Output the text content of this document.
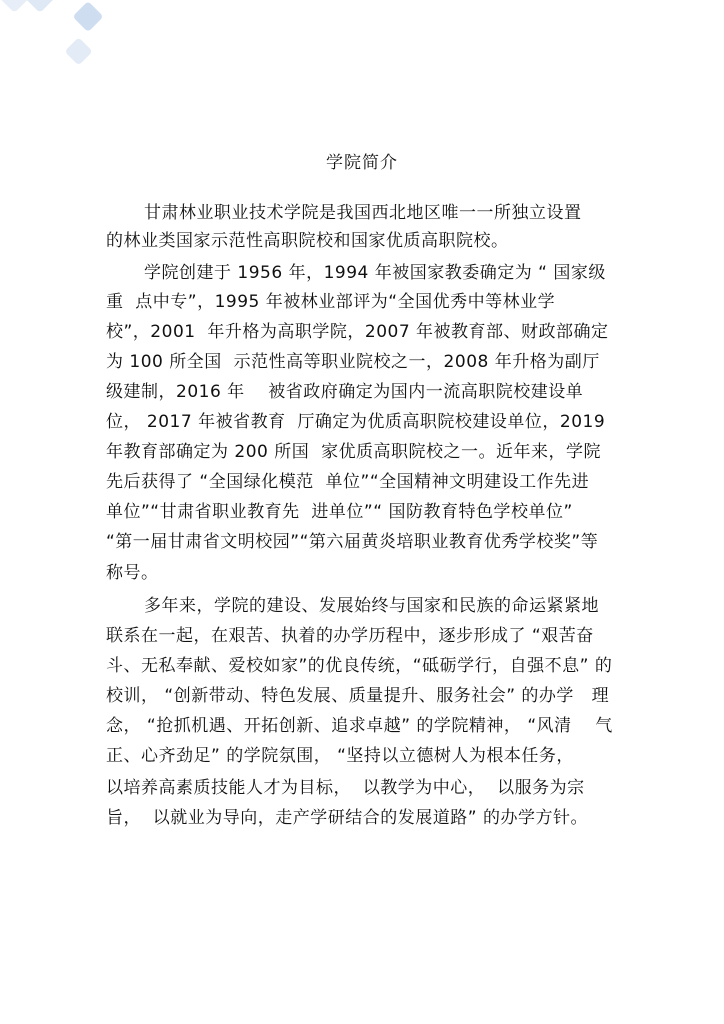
学院简介
甘肃林业职业技术学院是我国西北地区唯一一所独立设置
的林业类国家示范性高职院校和国家优质高职院校。
学院创建于 1956 年，1994 年被国家教委确定为 “ 国家级
重  点中专”，1995 年被林业部评为“全国优秀中等林业学
校”，2001  年升格为高职学院，2007 年被教育部、财政部确定
为 100 所全国  示范性高等职业院校之一，2008 年升格为副厅
级建制，2016 年    被省政府确定为国内一流高职院校建设单
位， 2017 年被省教育  厅确定为优质高职院校建设单位，2019
年教育部确定为 200 所国  家优质高职院校之一。近年来，学院
先后获得了 “全国绿化模范  单位”“全国精神文明建设工作先进
单位”“甘肃省职业教育先  进单位”“ 国防教育特色学校单位”
“第一届甘肃省文明校园”“第六届黄炎培职业教育优秀学校奖”等
称号。
多年来，学院的建设、发展始终与国家和民族的命运紧紧地
联系在一起，在艰苦、执着的办学历程中，逐步形成了 “艰苦奋
斗、无私奉献、爱校如家”的优良传统，“砥砺学行，自强不息” 的
校训， “创新带动、特色发展、质量提升、服务社会” 的办学   理
念， “抢抓机遇、开拓创新、追求卓越” 的学院精神， “风清    气
正、心齐劲足” 的学院氛围， “坚持以立德树人为根本任务，
以培养高素质技能人才为目标，  以教学为中心，  以服务为宗
旨，  以就业为导向，走产学研结合的发展道路” 的办学方针。
